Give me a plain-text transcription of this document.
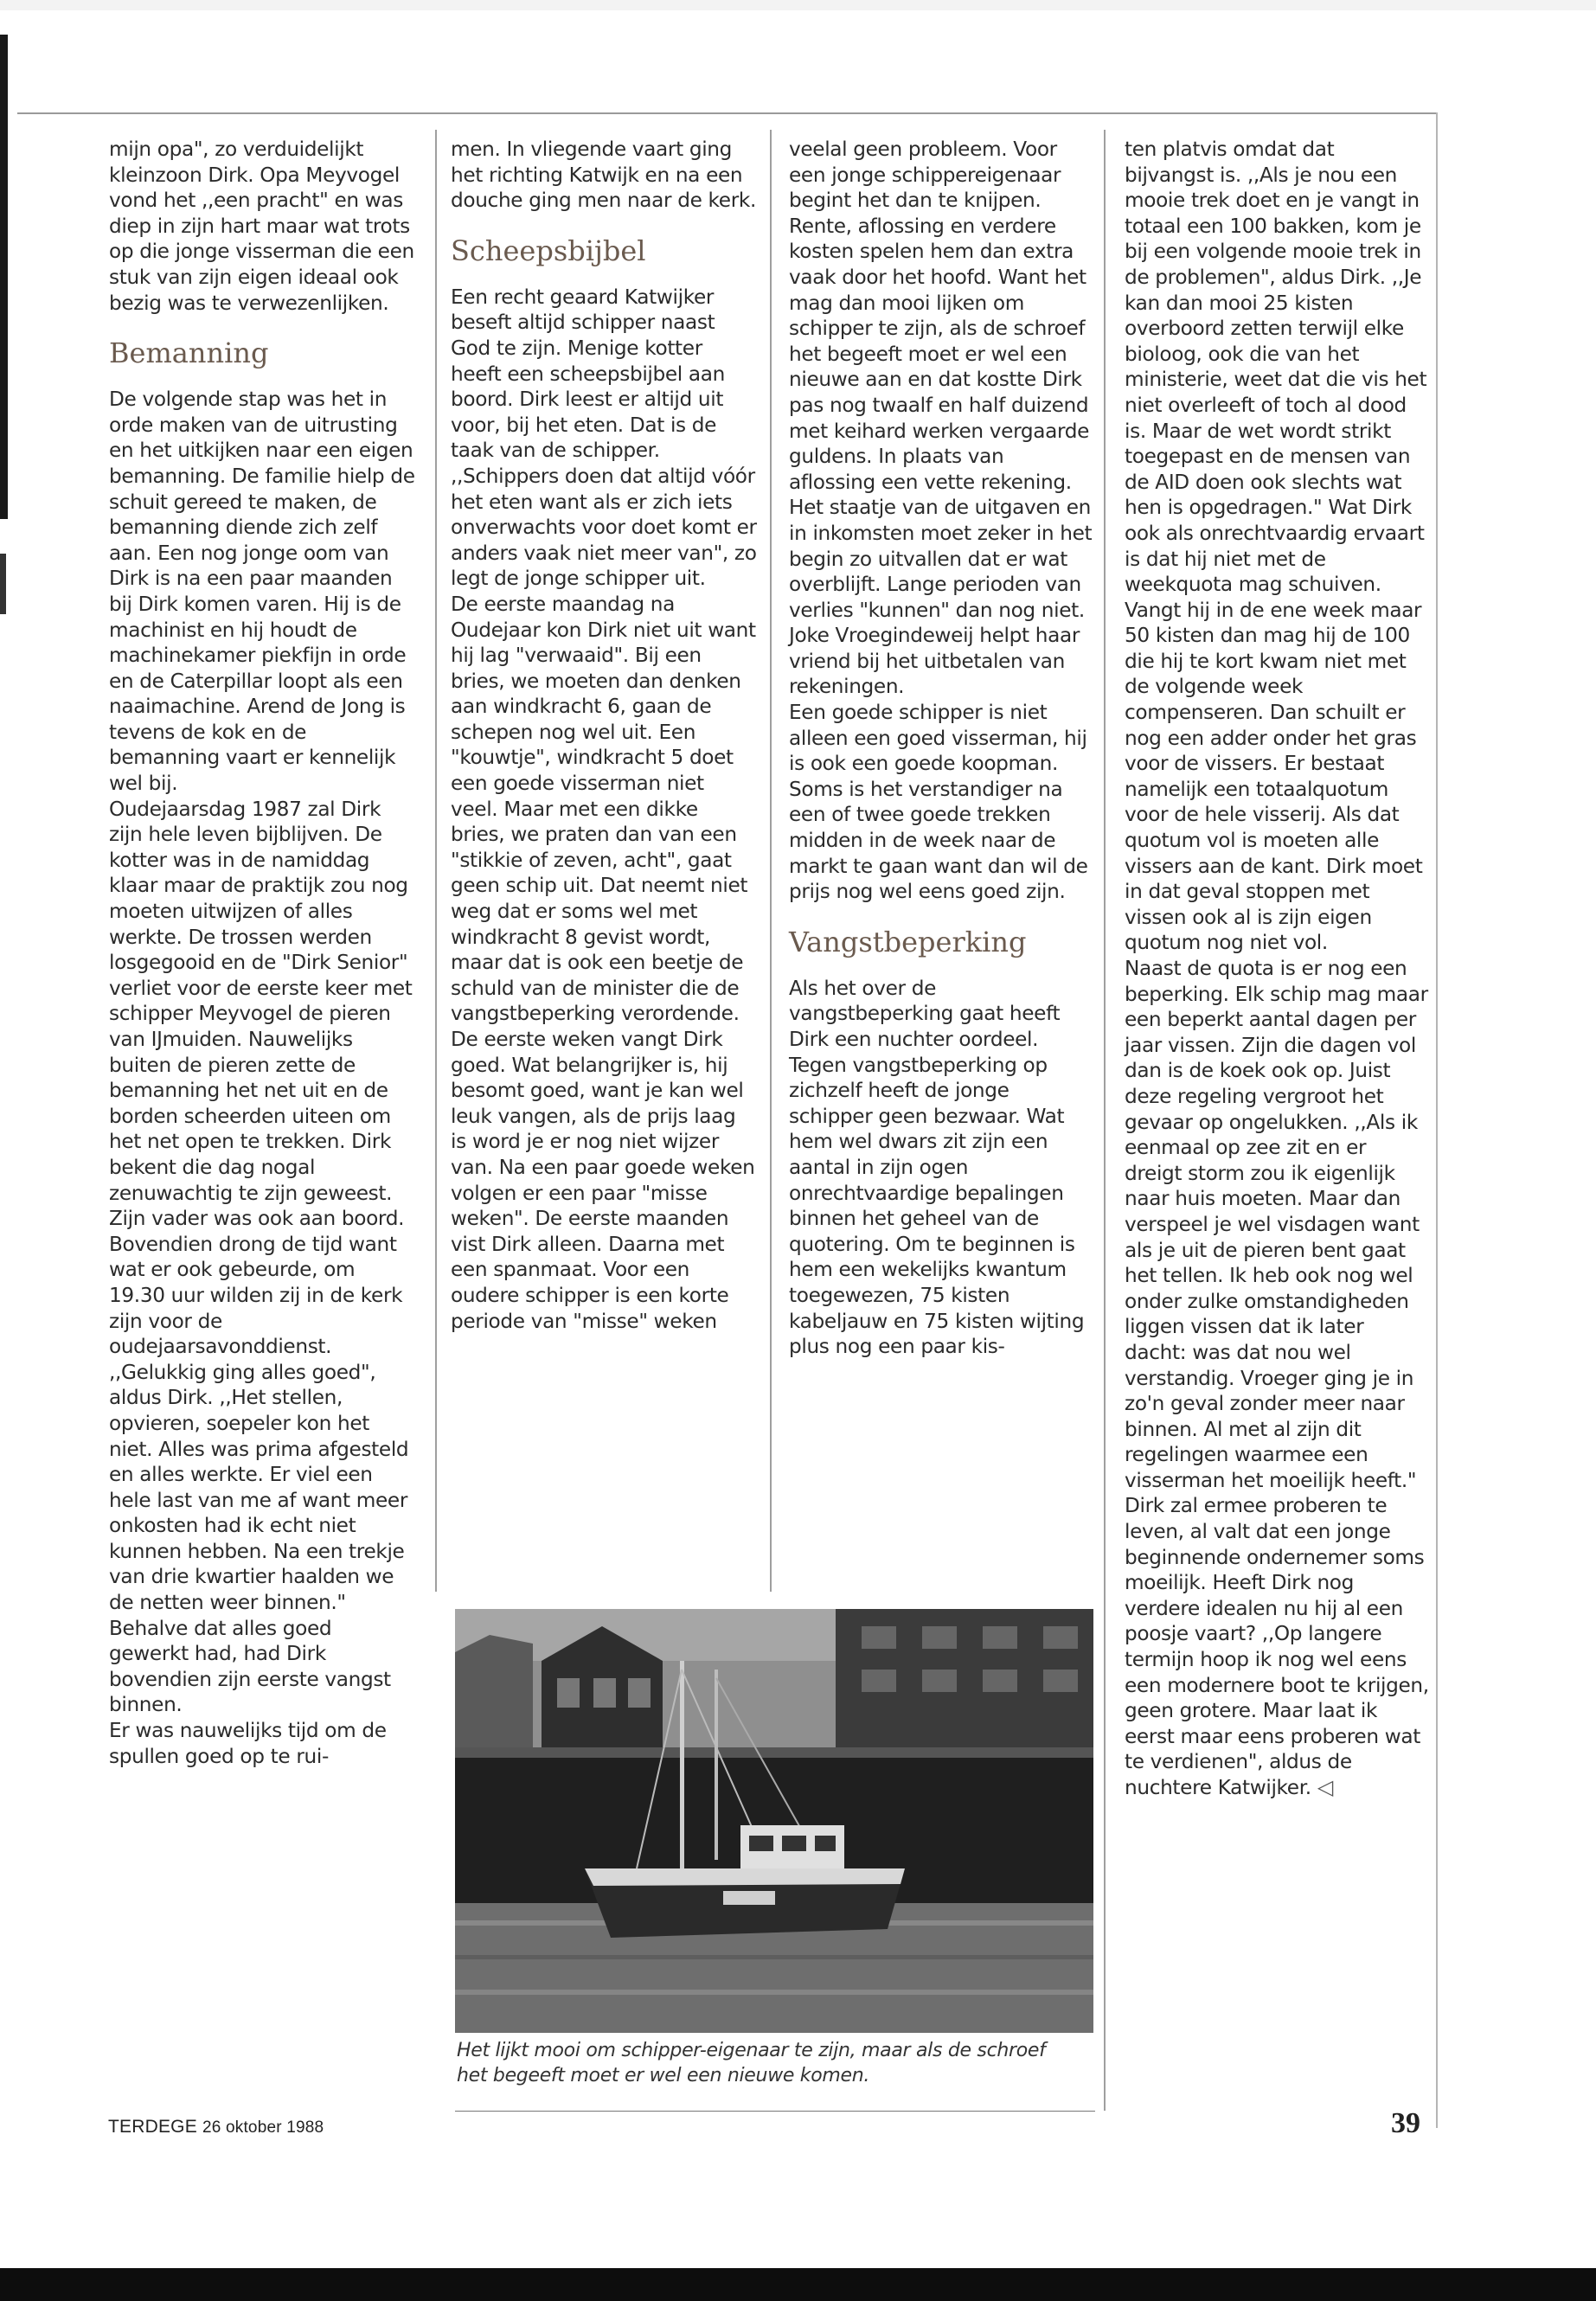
mijn opa", zo verduidelijkt kleinzoon Dirk. Opa Meyvogel vond het ,,een pracht" en was diep in zijn hart maar wat trots op die jonge visserman die een stuk van zijn eigen ideaal ook bezig was te verwezenlijken.

Bemanning

De volgende stap was het in orde maken van de uitrusting en het uitkijken naar een eigen bemanning. De familie hielp de schuit gereed te maken, de bemanning diende zich zelf aan. Een nog jonge oom van Dirk is na een paar maanden bij Dirk komen varen. Hij is de machinist en hij houdt de machinekamer piekfijn in orde en de Caterpillar loopt als een naaimachine. Arend de Jong is tevens de kok en de bemanning vaart er kennelijk wel bij.

Oudejaarsdag 1987 zal Dirk zijn hele leven bijblijven. De kotter was in de namiddag klaar maar de praktijk zou nog moeten uitwijzen of alles werkte. De trossen werden losgegooid en de "Dirk Senior" verliet voor de eerste keer met schipper Meyvogel de pieren van IJmuiden. Nauwelijks buiten de pieren zette de bemanning het net uit en de borden scheerden uiteen om het net open te trekken. Dirk bekent die dag nogal zenuwachtig te zijn geweest. Zijn vader was ook aan boord. Bovendien drong de tijd want wat er ook gebeurde, om 19.30 uur wilden zij in de kerk zijn voor de oudejaarsavonddienst.

,,Gelukkig ging alles goed", aldus Dirk. ,,Het stellen, opvieren, soepeler kon het niet. Alles was prima afgesteld en alles werkte. Er viel een hele last van me af want meer onkosten had ik echt niet kunnen hebben. Na een trekje van drie kwartier haalden we de netten weer binnen." Behalve dat alles goed gewerkt had, had Dirk bovendien zijn eerste vangst binnen.

Er was nauwelijks tijd om de spullen goed op te rui-

men. In vliegende vaart ging het richting Katwijk en na een douche ging men naar de kerk.

Scheepsbijbel

Een recht geaard Katwijker beseft altijd schipper naast God te zijn. Menige kotter heeft een scheepsbijbel aan boord. Dirk leest er altijd uit voor, bij het eten. Dat is de taak van de schipper.

,,Schippers doen dat altijd vóór het eten want als er zich iets onverwachts voor doet komt er anders vaak niet meer van", zo legt de jonge schipper uit.

De eerste maandag na Oudejaar kon Dirk niet uit want hij lag "verwaaid". Bij een bries, we moeten dan denken aan windkracht 6, gaan de schepen nog wel uit. Een "kouwtje", windkracht 5 doet een goede visserman niet veel. Maar met een dikke bries, we praten dan van een "stikkie of zeven, acht", gaat geen schip uit. Dat neemt niet weg dat er soms wel met windkracht 8 gevist wordt, maar dat is ook een beetje de schuld van de minister die de vangstbeperking verordende.

De eerste weken vangt Dirk goed. Wat belangrijker is, hij besomt goed, want je kan wel leuk vangen, als de prijs laag is word je er nog niet wijzer van. Na een paar goede weken volgen er een paar "misse weken". De eerste maanden vist Dirk alleen. Daarna met een spanmaat. Voor een oudere schipper is een korte periode van "misse" weken

veelal geen probleem. Voor een jonge schippereigenaar begint het dan te knijpen. Rente, aflossing en verdere kosten spelen hem dan extra vaak door het hoofd. Want het mag dan mooi lijken om schipper te zijn, als de schroef het begeeft moet er wel een nieuwe aan en dat kostte Dirk pas nog twaalf en half duizend met keihard werken vergaarde guldens. In plaats van aflossing een vette rekening. Het staatje van de uitgaven en in inkomsten moet zeker in het begin zo uitvallen dat er wat overblijft. Lange perioden van verlies "kunnen" dan nog niet. Joke Vroegindeweij helpt haar vriend bij het uitbetalen van rekeningen.

Een goede schipper is niet alleen een goed visserman, hij is ook een goede koopman. Soms is het verstandiger na een of twee goede trekken midden in de week naar de markt te gaan want dan wil de prijs nog wel eens goed zijn.

Vangstbeperking

Als het over de vangstbeperking gaat heeft Dirk een nuchter oordeel. Tegen vangstbeperking op zichzelf heeft de jonge schipper geen bezwaar. Wat hem wel dwars zit zijn een aantal in zijn ogen onrechtvaardige bepalingen binnen het geheel van de quotering. Om te beginnen is hem een wekelijks kwantum toegewezen, 75 kisten kabeljauw en 75 kisten wijting plus nog een paar kis-

ten platvis omdat dat bijvangst is. ,,Als je nou een mooie trek doet en je vangt in totaal een 100 bakken, kom je bij een volgende mooie trek in de problemen", aldus Dirk. ,,Je kan dan mooi 25 kisten overboord zetten terwijl elke bioloog, ook die van het ministerie, weet dat die vis het niet overleeft of toch al dood is. Maar de wet wordt strikt toegepast en de mensen van de AID doen ook slechts wat hen is opgedragen." Wat Dirk ook als onrechtvaardig ervaart is dat hij niet met de weekquota mag schuiven. Vangt hij in de ene week maar 50 kisten dan mag hij de 100 die hij te kort kwam niet met de volgende week compenseren. Dan schuilt er nog een adder onder het gras voor de vissers. Er bestaat namelijk een totaalquotum voor de hele visserij. Als dat quotum vol is moeten alle vissers aan de kant. Dirk moet in dat geval stoppen met vissen ook al is zijn eigen quotum nog niet vol.

Naast de quota is er nog een beperking. Elk schip mag maar een beperkt aantal dagen per jaar vissen. Zijn die dagen vol dan is de koek ook op. Juist deze regeling vergroot het gevaar op ongelukken. ,,Als ik eenmaal op zee zit en er dreigt storm zou ik eigenlijk naar huis moeten. Maar dan verspeel je wel visdagen want als je uit de pieren bent gaat het tellen. Ik heb ook nog wel onder zulke omstandigheden liggen vissen dat ik later dacht: was dat nou wel verstandig. Vroeger ging je in zo'n geval zonder meer naar binnen. Al met al zijn dit regelingen waarmee een visserman het moeilijk heeft." Dirk zal ermee proberen te leven, al valt dat een jonge beginnende ondernemer soms moeilijk. Heeft Dirk nog verdere idealen nu hij al een poosje vaart? ,,Op langere termijn hoop ik nog wel eens een modernere boot te krijgen, geen grotere. Maar laat ik eerst maar eens proberen wat te verdienen", aldus de nuchtere Katwijker. ◁

Het lijkt mooi om schipper-eigenaar te zijn, maar als de schroef het begeeft moet er wel een nieuwe komen.
TERDEGE 26 oktober 1988	39
